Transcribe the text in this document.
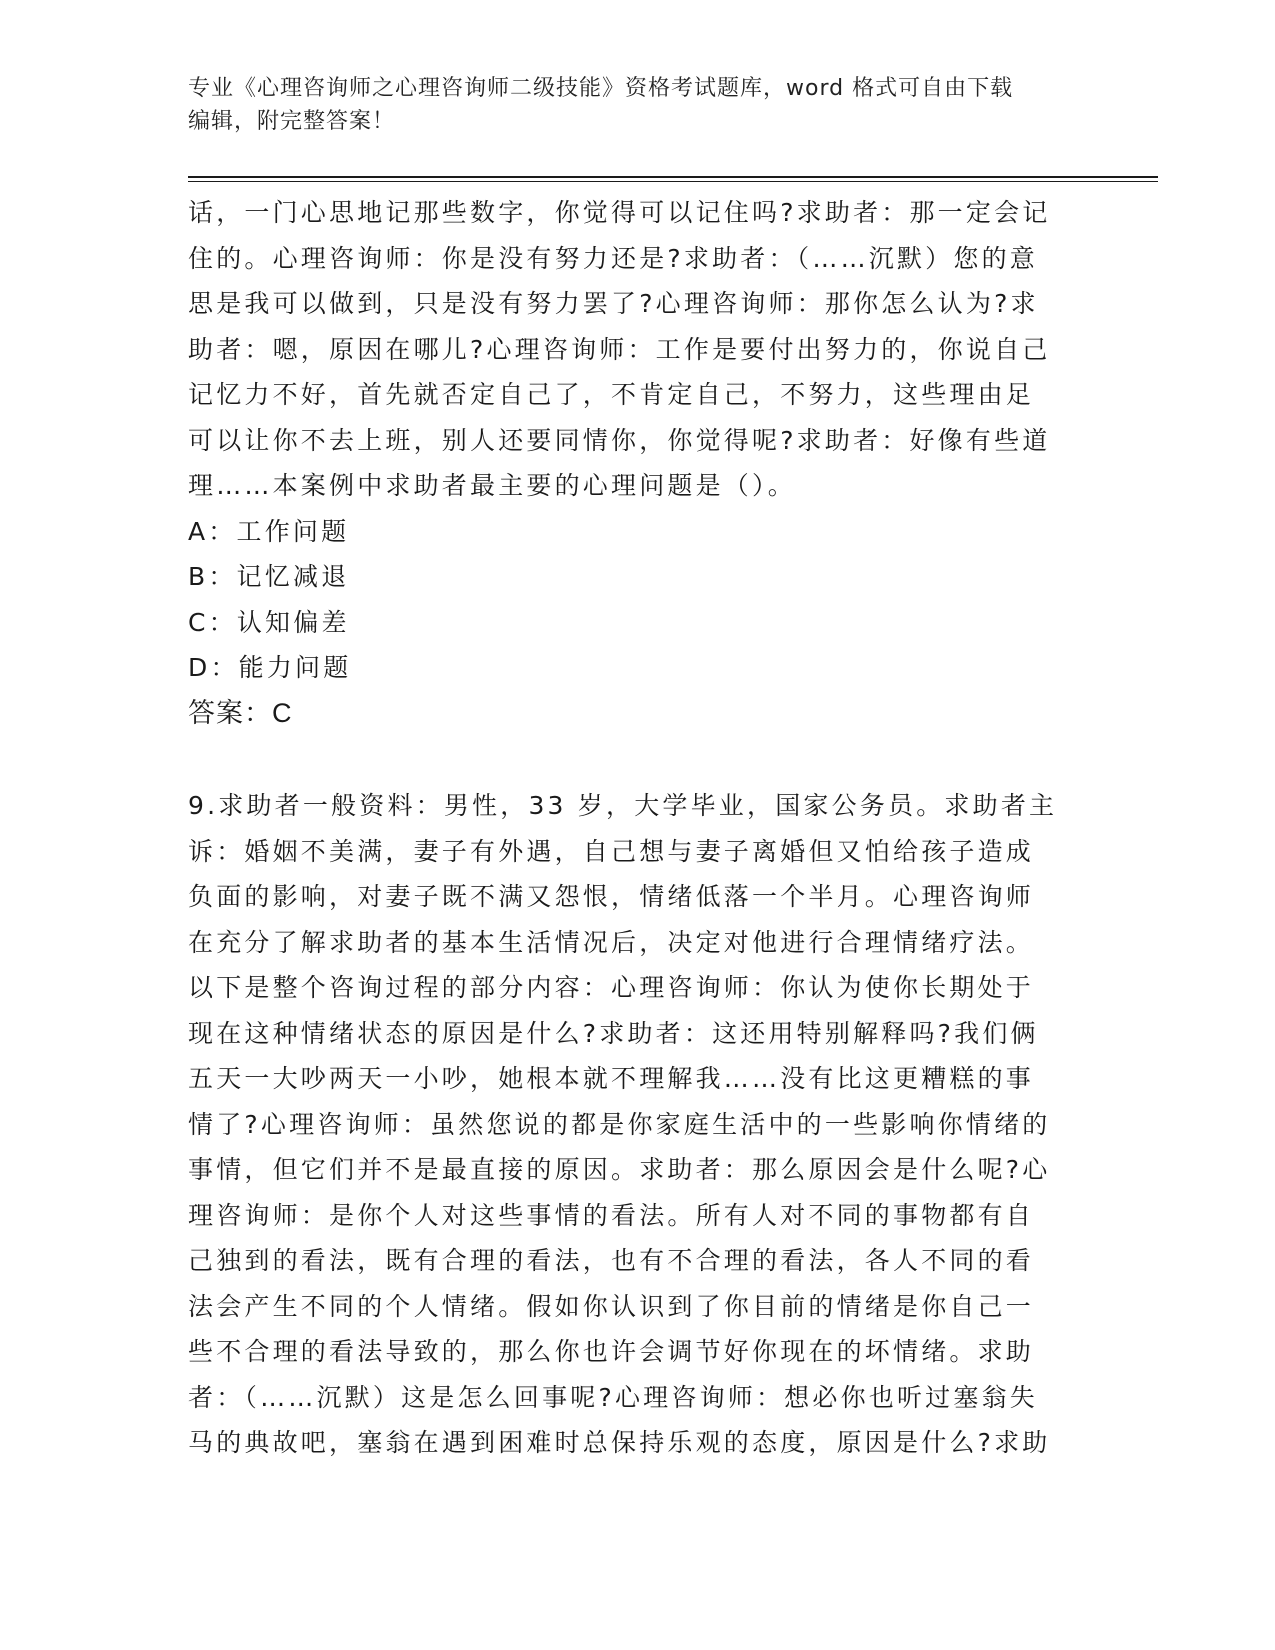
专业《心理咨询师之心理咨询师二级技能》资格考试题库，word 格式可自由下载

编辑，附完整答案！

话，一门心思地记那些数字，你觉得可以记住吗?求助者：那一定会记

住的。心理咨询师：你是没有努力还是?求助者：（……沉默）您的意

思是我可以做到，只是没有努力罢了?心理咨询师：那你怎么认为?求

助者：嗯，原因在哪儿?心理咨询师：工作是要付出努力的，你说自己

记忆力不好，首先就否定自己了，不肯定自己，不努力，这些理由足

可以让你不去上班，别人还要同情你，你觉得呢?求助者：好像有些道

理……本案例中求助者最主要的心理问题是（）。

A：工作问题

B：记忆减退

C：认知偏差

D：能力问题

答案：C

9.求助者一般资料：男性，33 岁，大学毕业，国家公务员。求助者主

诉：婚姻不美满，妻子有外遇，自己想与妻子离婚但又怕给孩子造成

负面的影响，对妻子既不满又怨恨，情绪低落一个半月。心理咨询师

在充分了解求助者的基本生活情况后，决定对他进行合理情绪疗法。

以下是整个咨询过程的部分内容：心理咨询师：你认为使你长期处于

现在这种情绪状态的原因是什么?求助者：这还用特别解释吗?我们俩

五天一大吵两天一小吵，她根本就不理解我……没有比这更糟糕的事

情了?心理咨询师：虽然您说的都是你家庭生活中的一些影响你情绪的

事情，但它们并不是最直接的原因。求助者：那么原因会是什么呢?心

理咨询师：是你个人对这些事情的看法。所有人对不同的事物都有自

己独到的看法，既有合理的看法，也有不合理的看法，各人不同的看

法会产生不同的个人情绪。假如你认识到了你目前的情绪是你自己一

些不合理的看法导致的，那么你也许会调节好你现在的坏情绪。求助

者：（……沉默）这是怎么回事呢?心理咨询师：想必你也听过塞翁失

马的典故吧，塞翁在遇到困难时总保持乐观的态度，原因是什么?求助
